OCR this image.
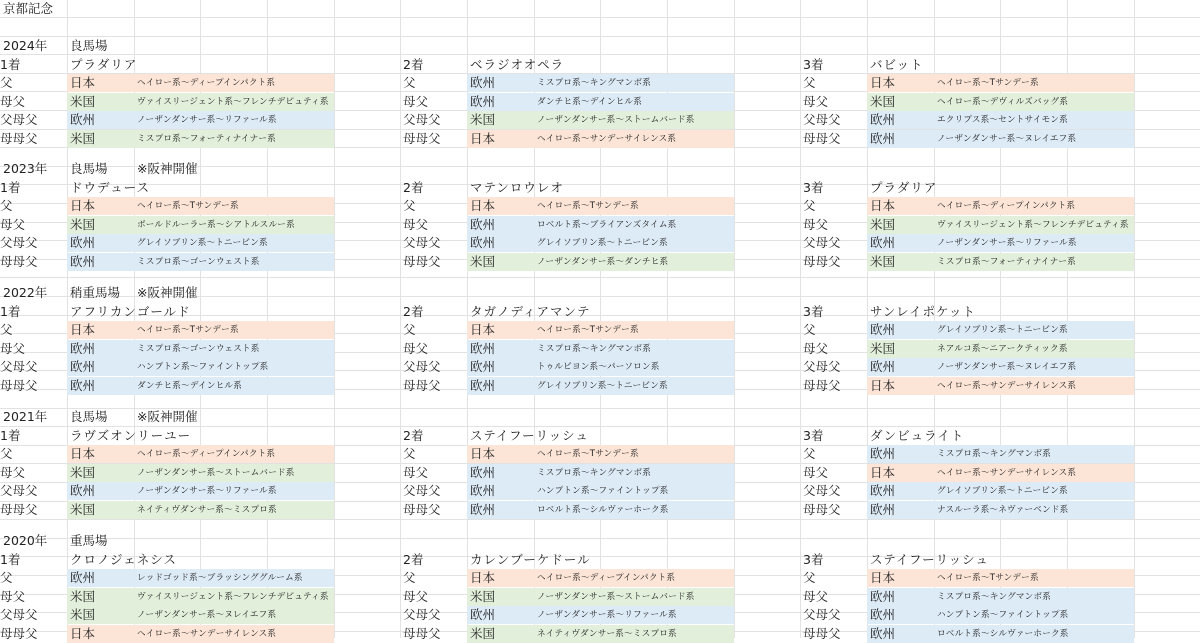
京都記念
2024年 良馬場
1着	プラダリア
父	日本	ヘイロー系〜ディープインパクト系
母父	米国	ヴァイスリージェント系〜フレンチデピュティ系
父母父	欧州	ノーザンダンサー系〜リファール系
母母父	米国	ミスプロ系〜フォーティナイナー系
2着	ベラジオオペラ
父	欧州	ミスプロ系〜キングマンボ系
母父	欧州	ダンチヒ系〜デインヒル系
父母父 米国	ノーザンダンサー系〜ストームバード系
母母父 日本	ヘイロー系〜サンデーサイレンス系
3着	バビット
父	日本	ヘイロー系〜Tサンデー系
母父	米国	ヘイロー系〜デヴィルズバッグ系
父母父 欧州	エクリプス系〜セントサイモン系
母母父 欧州	ノーザンダンサー系〜ヌレイエフ系
2023年 良馬場 ※阪神開催
1着	ドウデュース
父	日本	ヘイロー系〜Tサンデー系
母父	米国	ボールドルーラー系〜シアトルスルー系
父母父	欧州	グレイソブリン系〜トニービン系
母母父	欧州	ミスプロ系〜ゴーンウェスト系
2着	マテンロウレオ
父	日本	ヘイロー系〜Tサンデー系
母父	欧州	ロベルト系〜ブライアンズタイム系
父母父 欧州	グレイソブリン系〜トニービン系
母母父 米国	ノーザンダンサー系〜ダンチヒ系
3着	プラダリア
父	日本	ヘイロー系〜ディープインパクト系
母父	米国	ヴァイスリージェント系〜フレンチデピュティ系
父母父 欧州	ノーザンダンサー系〜リファール系
母母父 米国	ミスプロ系〜フォーティナイナー系
2022年 稍重馬場 ※阪神開催
1着	アフリカンゴールド
父	日本	ヘイロー系〜Tサンデー系
母父	欧州	ミスプロ系〜ゴーンウェスト系
父母父	欧州	ハンプトン系〜ファイントップ系
母母父	欧州	ダンチヒ系〜デインヒル系
2着	タガノディアマンテ
父	日本	ヘイロー系〜Tサンデー系
母父	欧州	ミスプロ系〜キングマンボ系
父母父 欧州	トゥルビヨン系〜パーソロン系
母母父 欧州	グレイソブリン系〜トニービン系
3着	サンレイポケット
父	欧州	グレイソブリン系〜トニービン系
母父	米国	ネアルコ系〜ニアークティック系
父母父 欧州	ノーザンダンサー系〜ヌレイエフ系
母母父 日本	ヘイロー系〜サンデーサイレンス系
2021年 良馬場 ※阪神開催
1着	ラヴズオンリーユー
父	日本	ヘイロー系〜ディープインパクト系
母父	米国	ノーザンダンサー系〜ストームバード系
父母父	欧州	ノーザンダンサー系〜リファール系
母母父	米国	ネイティヴダンサー系〜ミスプロ系
2着	ステイフーリッシュ
父	日本	ヘイロー系〜Tサンデー系
母父	欧州	ミスプロ系〜キングマンボ系
父母父 欧州	ハンプトン系〜ファイントップ系
母母父 欧州	ロベルト系〜シルヴァーホーク系
3着	ダンビュライト
父	欧州	ミスプロ系〜キングマンボ系
母父	日本	ヘイロー系〜サンデーサイレンス系
父母父 欧州	グレイソブリン系〜トニービン系
母母父 欧州	ナスルーラ系〜ネヴァーベンド系
2020年 重馬場
1着	クロノジェネシス
父	欧州	レッドゴッド系〜ブラッシンググルーム系
母父	米国	ヴァイスリージェント系〜フレンチデピュティ系
父母父	米国	ノーザンダンサー系〜ヌレイエフ系
母母父	日本	ヘイロー系〜サンデーサイレンス系
2着	カレンブーケドール
父	日本	ヘイロー系〜ディープインパクト系
母父	米国	ノーザンダンサー系〜ストームバード系
父母父 欧州	ノーザンダンサー系〜リファール系
母母父 米国	ネイティヴダンサー系〜ミスプロ系
3着	ステイフーリッシュ
父	日本	ヘイロー系〜Tサンデー系
母父	欧州	ミスプロ系〜キングマンボ系
父母父 欧州	ハンプトン系〜ファイントップ系
母母父 欧州	ロベルト系〜シルヴァーホーク系
